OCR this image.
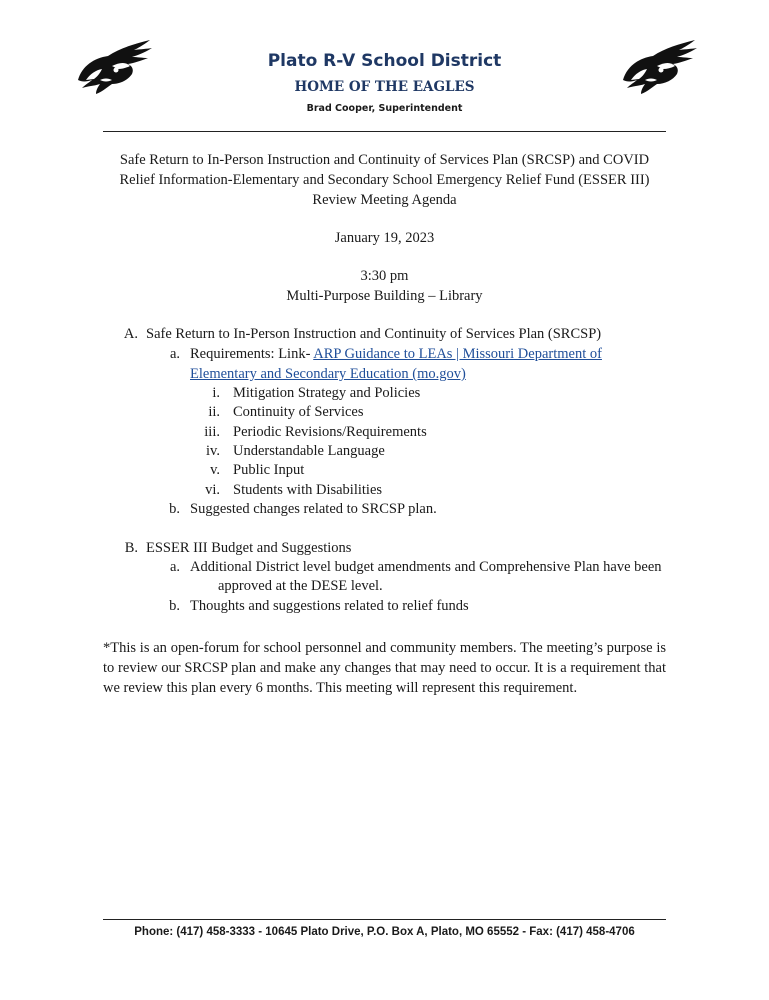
Plato R-V School District
HOME OF THE EAGLES
Brad Cooper, Superintendent
Safe Return to In-Person Instruction and Continuity of Services Plan (SRCSP) and COVID
Relief Information-Elementary and Secondary School Emergency Relief Fund (ESSER III)
Review Meeting Agenda
January 19, 2023
3:30 pm
Multi-Purpose Building – Library
A. Safe Return to In-Person Instruction and Continuity of Services Plan (SRCSP)
a. Requirements: Link- ARP Guidance to LEAs | Missouri Department of
Elementary and Secondary Education (mo.gov)
i. Mitigation Strategy and Policies
ii. Continuity of Services
iii. Periodic Revisions/Requirements
iv. Understandable Language
v. Public Input
vi. Students with Disabilities
b. Suggested changes related to SRCSP plan.
B. ESSER III Budget and Suggestions
a. Additional District level budget amendments and Comprehensive Plan have been
approved at the DESE level.
b. Thoughts and suggestions related to relief funds
*This is an open-forum for school personnel and community members. The meeting’s purpose is to review our SRCSP plan and make any changes that may need to occur. It is a requirement that we review this plan every 6 months. This meeting will represent this requirement.
Phone: (417) 458-3333 - 10645 Plato Drive, P.O. Box A, Plato, MO 65552 - Fax: (417) 458-4706
